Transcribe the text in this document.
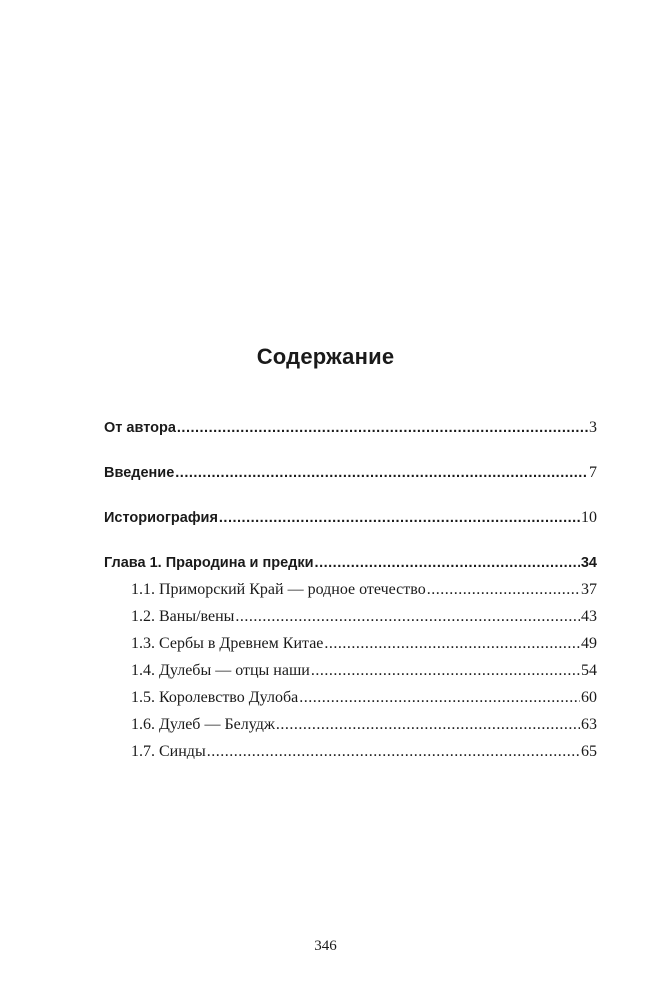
Содержание
От автора .....	3
Введение .....	7
Историография .....	10
Глава 1. Прародина и предки .....	34
1.1. Приморский Край — родное отечество .....	37
1.2. Ваны/вены .....	43
1.3. Сербы в Древнем Китае .....	49
1.4. Дулебы — отцы наши .....	54
1.5. Королевство Дулоба .....	60
1.6. Дулеб — Белудж .....	63
1.7. Синды .....	65
346
